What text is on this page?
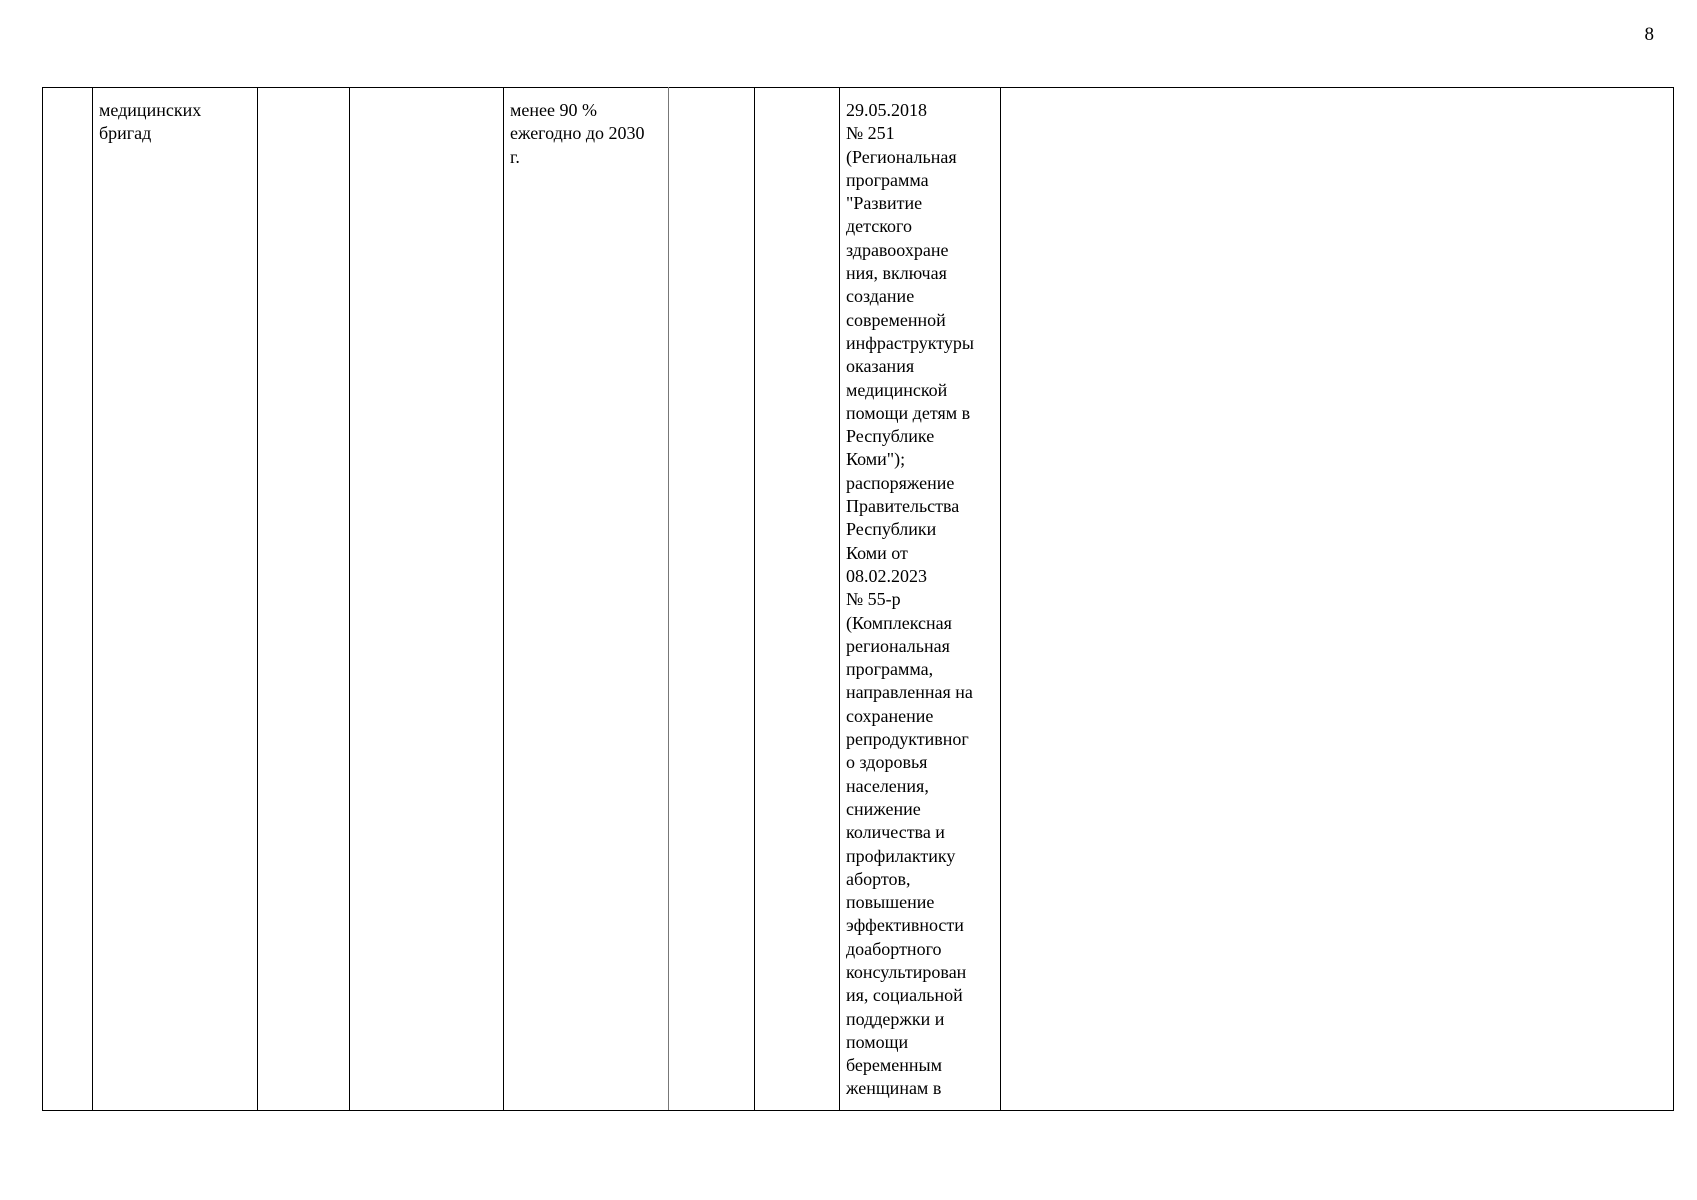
8

медицинских
бригад

менее 90 %
ежегодно до 2030
г.

29.05.2018
№ 251
(Региональная
программа
"Развитие
детского
здравоохране
ния, включая
создание
современной
инфраструктуры
оказания
медицинской
помощи детям в
Республике
Коми");
распоряжение
Правительства
Республики
Коми от
08.02.2023
№ 55-р
(Комплексная
региональная
программа,
направленная на
сохранение
репродуктивног
о здоровья
населения,
снижение
количества и
профилактику
абортов,
повышение
эффективности
доабортного
консультирован
ия, социальной
поддержки и
помощи
беременным
женщинам в
